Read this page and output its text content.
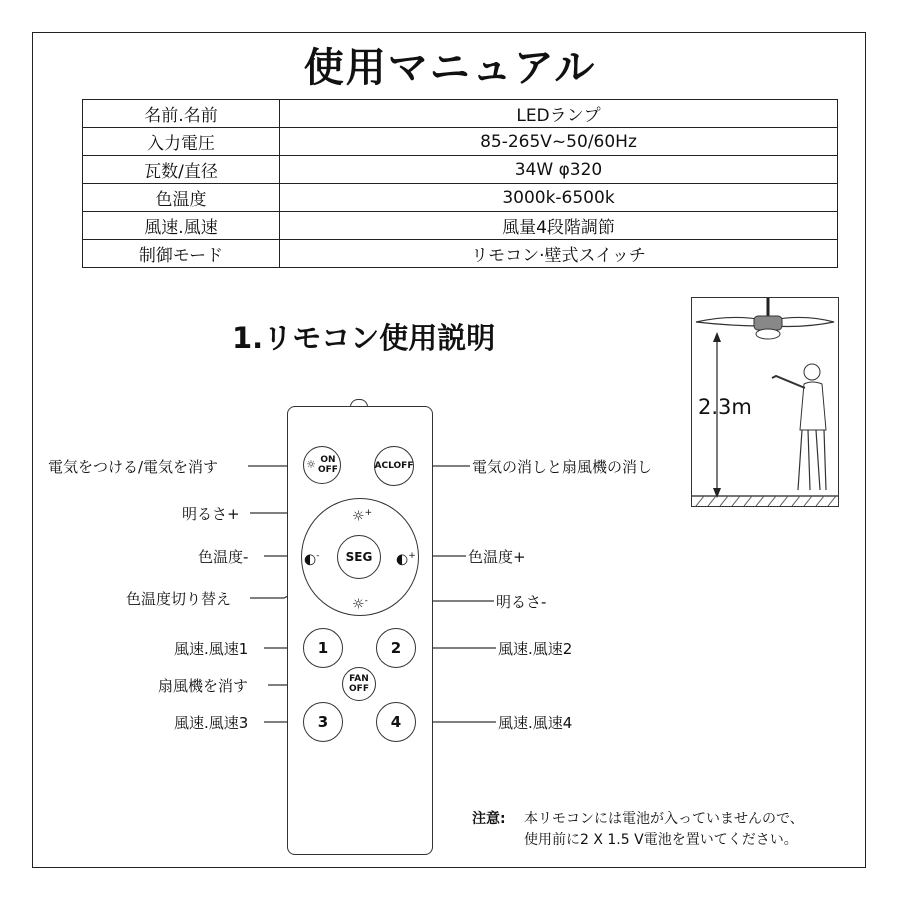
使用マニュアル
名前.名前	LEDランプ
入力電圧	85-265V~50/60Hz
瓦数/直径	34W φ320
色温度	3000k-6500k
風速.風速	風量4段階調節
制御モード	リモコン·壁式スイッチ
1.リモコン使用説明
2.3m
☼ ON
OFF	ACLOFF
☼+
☼-
◐-	◐+
SEG
1	2
FAN
OFF
3	4
電気をつける/電気を消す	電気の消しと扇風機の消し
明るさ+
色温度-	色温度+
色温度切り替え	明るさ-
風速.風速1	風速.風速2
扇風機を消す
風速.風速3	風速.風速4
注意: 本リモコンには電池が入っていませんので、
使用前に2 X 1.5 V電池を置いてください。
